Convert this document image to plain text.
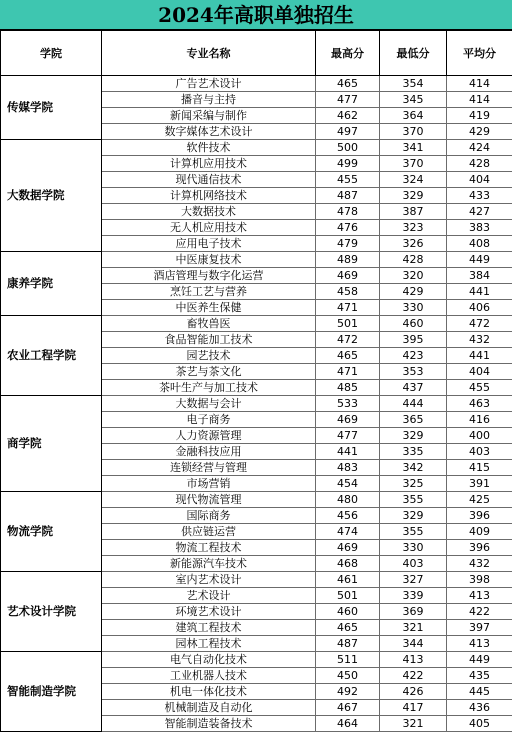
2024年高职单独招生
学院	专业名称	最高分	最低分	平均分
传媒学院	广告艺术设计	465	354	414
	播音与主持	477	345	414
	新闻采编与制作	462	364	419
	数字媒体艺术设计	497	370	429
大数据学院	软件技术	500	341	424
	计算机应用技术	499	370	428
	现代通信技术	455	324	404
	计算机网络技术	487	329	433
	大数据技术	478	387	427
	无人机应用技术	476	323	383
	应用电子技术	479	326	408
康养学院	中医康复技术	489	428	449
	酒店管理与数字化运营	469	320	384
	烹饪工艺与营养	458	429	441
	中医养生保健	471	330	406
农业工程学院	畜牧兽医	501	460	472
	食品智能加工技术	472	395	432
	园艺技术	465	423	441
	茶艺与茶文化	471	353	404
	茶叶生产与加工技术	485	437	455
商学院	大数据与会计	533	444	463
	电子商务	469	365	416
	人力资源管理	477	329	400
	金融科技应用	441	335	403
	连锁经营与管理	483	342	415
	市场营销	454	325	391
物流学院	现代物流管理	480	355	425
	国际商务	456	329	396
	供应链运营	474	355	409
	物流工程技术	469	330	396
	新能源汽车技术	468	403	432
艺术设计学院	室内艺术设计	461	327	398
	艺术设计	501	339	413
	环境艺术设计	460	369	422
	建筑工程技术	465	321	397
	园林工程技术	487	344	413
智能制造学院	电气自动化技术	511	413	449
	工业机器人技术	450	422	435
	机电一体化技术	492	426	445
	机械制造及自动化	467	417	436
	智能制造装备技术	464	321	405
